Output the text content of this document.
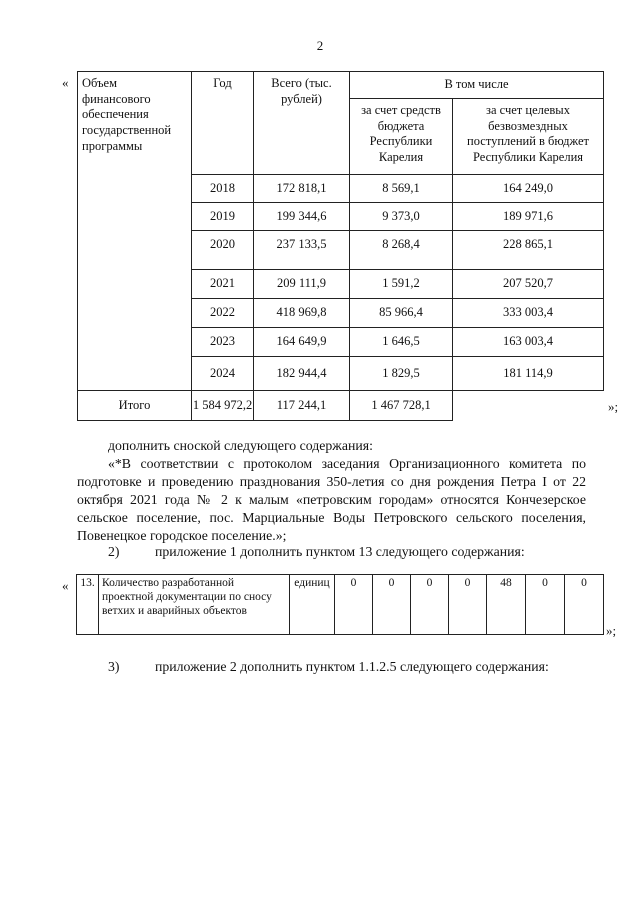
2
« Объем финансового обеспечения государственной программы	Год	Всего (тыс. рублей)	В том числе	
			за счет средств бюджета Республики Карелия	за счет целевых безвозмездных поступлений в бюджет Республики Карелия
	2018	172 818,1	8 569,1	164 249,0
	2019	199 344,6	9 373,0	189 971,6
	2020	237 133,5	8 268,4	228 865,1
	2021	209 111,9	1 591,2	207 520,7
	2022	418 969,8	85 966,4	333 003,4
	2023	164 649,9	1 646,5	163 003,4
	2024	182 944,4	1 829,5	181 114,9
Итого	1 584 972,2	117 244,1	1 467 728,1		»;
дополнить сноской следующего содержания:
«*В соответствии с протоколом заседания Организационного комитета по подготовке и проведению празднования 350-летия со дня рождения Петра I от 22 октября 2021 года № 2 к малым «петровским городам» относятся Кончезерское сельское поселение, пос. Марциальные Воды Петровского сельского поселения, Повенецкое городское поселение.»;
2)	приложение 1 дополнить пунктом 13 следующего содержания:
« 13.	Количество разработанной проектной документации по сносу ветхих и аварийных объектов	единиц	0	0	0	0	48	0	0
»;
3)	приложение 2 дополнить пунктом 1.1.2.5 следующего содержания:
